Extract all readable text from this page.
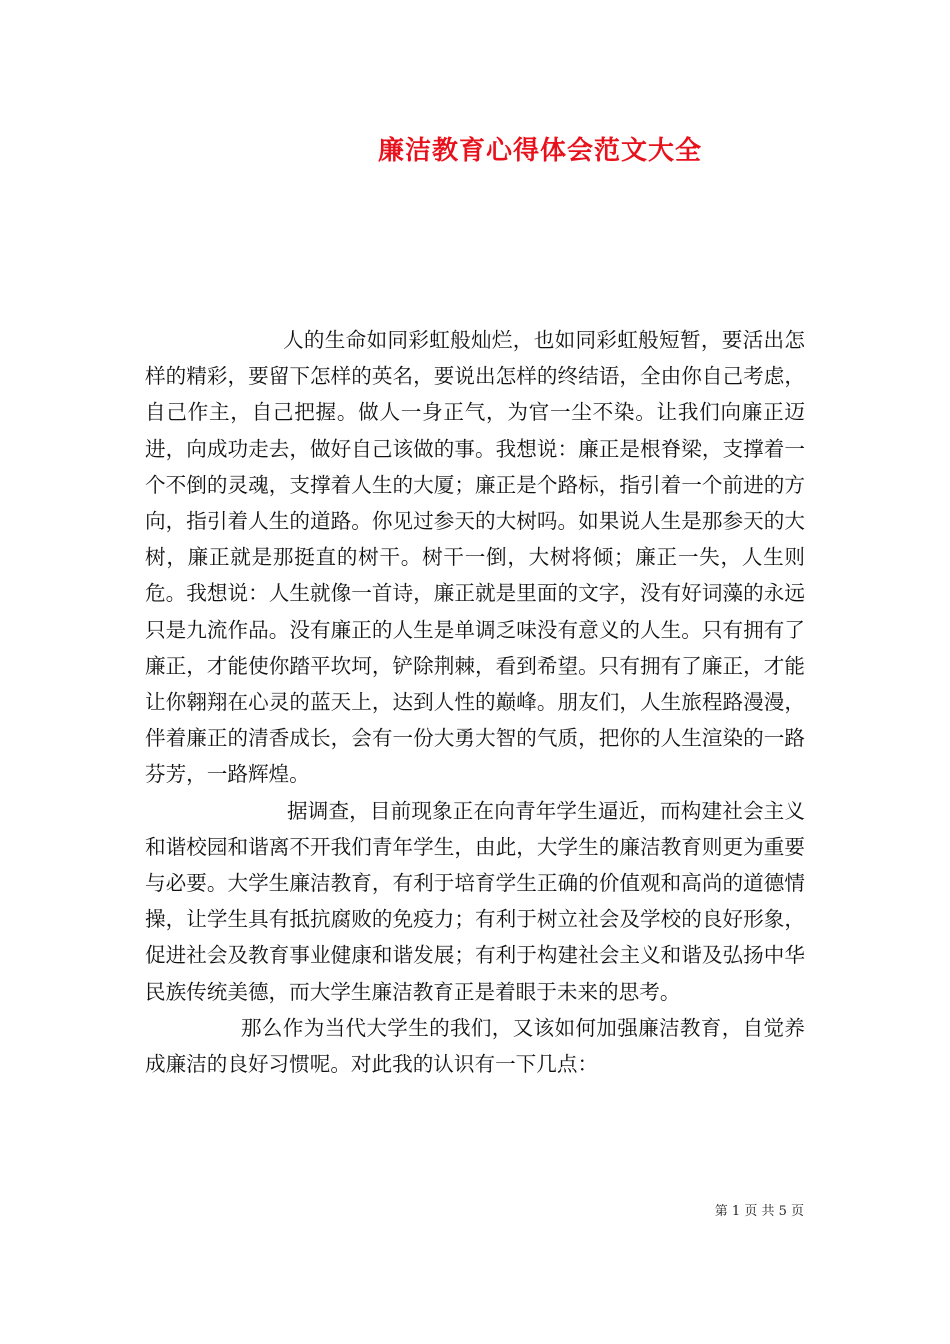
廉洁教育心得体会范文大全

人的生命如同彩虹般灿烂，也如同彩虹般短暂，要活出怎样的精彩，要留下怎样的英名，要说出怎样的终结语，全由你自己考虑，自己作主，自己把握。做人一身正气，为官一尘不染。让我们向廉正迈进，向成功走去，做好自己该做的事。我想说：廉正是根脊梁，支撑着一个不倒的灵魂，支撑着人生的大厦；廉正是个路标，指引着一个前进的方向，指引着人生的道路。你见过参天的大树吗。如果说人生是那参天的大树，廉正就是那挺直的树干。树干一倒，大树将倾；廉正一失，人生则危。我想说：人生就像一首诗，廉正就是里面的文字，没有好词藻的永远只是九流作品。没有廉正的人生是单调乏味没有意义的人生。只有拥有了廉正，才能使你踏平坎坷，铲除荆棘，看到希望。只有拥有了廉正，才能让你翱翔在心灵的蓝天上，达到人性的巅峰。朋友们，人生旅程路漫漫，伴着廉正的清香成长，会有一份大勇大智的气质，把你的人生渲染的一路芬芳，一路辉煌。

据调查，目前现象正在向青年学生逼近，而构建社会主义和谐校园和谐离不开我们青年学生，由此，大学生的廉洁教育则更为重要与必要。大学生廉洁教育，有利于培育学生正确的价值观和高尚的道德情操，让学生具有抵抗腐败的免疫力；有利于树立社会及学校的良好形象，促进社会及教育事业健康和谐发展；有利于构建社会主义和谐及弘扬中华民族传统美德，而大学生廉洁教育正是着眼于未来的思考。

那么作为当代大学生的我们，又该如何加强廉洁教育，自觉养成廉洁的良好习惯呢。对此我的认识有一下几点：

第 1 页 共 5 页
